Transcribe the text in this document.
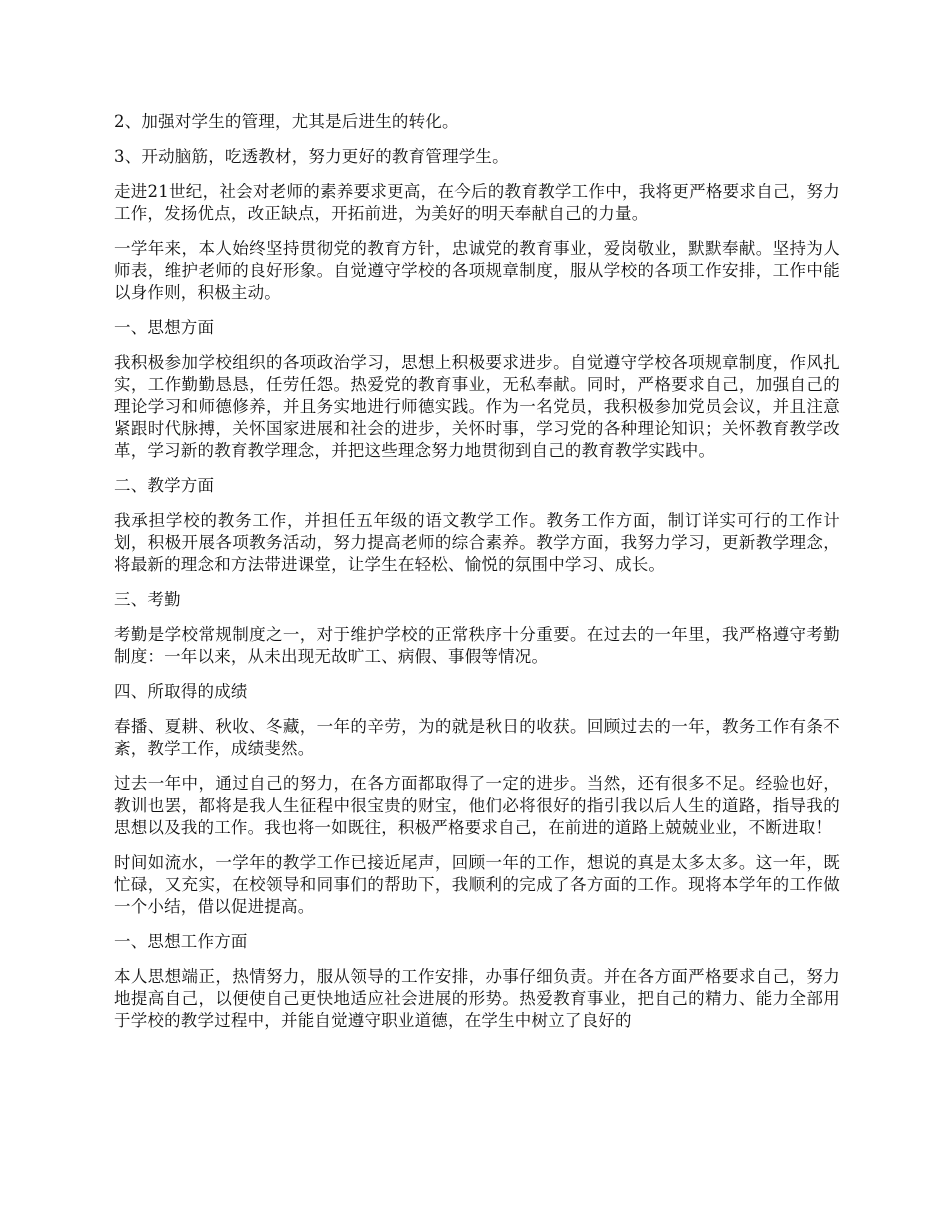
2、加强对学生的管理，尤其是后进生的转化。

3、开动脑筋，吃透教材，努力更好的教育管理学生。

走进21世纪，社会对老师的素养要求更高，在今后的教育教学工作中，我将更严格要求自己，努力工作，发扬优点，改正缺点，开拓前进，为美好的明天奉献自己的力量。

一学年来，本人始终坚持贯彻党的教育方针，忠诚党的教育事业，爱岗敬业，默默奉献。坚持为人师表，维护老师的良好形象。自觉遵守学校的各项规章制度，服从学校的各项工作安排，工作中能以身作则，积极主动。

一、思想方面

我积极参加学校组织的各项政治学习，思想上积极要求进步。自觉遵守学校各项规章制度，作风扎实，工作勤勤恳恳，任劳任怨。热爱党的教育事业，无私奉献。同时，严格要求自己，加强自己的理论学习和师德修养，并且务实地进行师德实践。作为一名党员，我积极参加党员会议，并且注意紧跟时代脉搏，关怀国家进展和社会的进步，关怀时事，学习党的各种理论知识；关怀教育教学改革，学习新的教育教学理念，并把这些理念努力地贯彻到自己的教育教学实践中。

二、教学方面

我承担学校的教务工作，并担任五年级的语文教学工作。教务工作方面，制订详实可行的工作计划，积极开展各项教务活动，努力提高老师的综合素养。教学方面，我努力学习，更新教学理念，将最新的理念和方法带进课堂，让学生在轻松、愉悦的氛围中学习、成长。

三、考勤

考勤是学校常规制度之一，对于维护学校的正常秩序十分重要。在过去的一年里，我严格遵守考勤制度：一年以来，从未出现无故旷工、病假、事假等情况。

四、所取得的成绩

春播、夏耕、秋收、冬藏，一年的辛劳，为的就是秋日的收获。回顾过去的一年，教务工作有条不紊，教学工作，成绩斐然。

过去一年中，通过自己的努力，在各方面都取得了一定的进步。当然，还有很多不足。经验也好，教训也罢，都将是我人生征程中很宝贵的财宝，他们必将很好的指引我以后人生的道路，指导我的思想以及我的工作。我也将一如既往，积极严格要求自己，在前进的道路上兢兢业业，不断进取！

时间如流水，一学年的教学工作已接近尾声，回顾一年的工作，想说的真是太多太多。这一年，既忙碌，又充实，在校领导和同事们的帮助下，我顺利的完成了各方面的工作。现将本学年的工作做一个小结，借以促进提高。

一、思想工作方面

本人思想端正，热情努力，服从领导的工作安排，办事仔细负责。并在各方面严格要求自己，努力地提高自己，以便使自己更快地适应社会进展的形势。热爱教育事业，把自己的精力、能力全部用于学校的教学过程中，并能自觉遵守职业道德，在学生中树立了良好的
